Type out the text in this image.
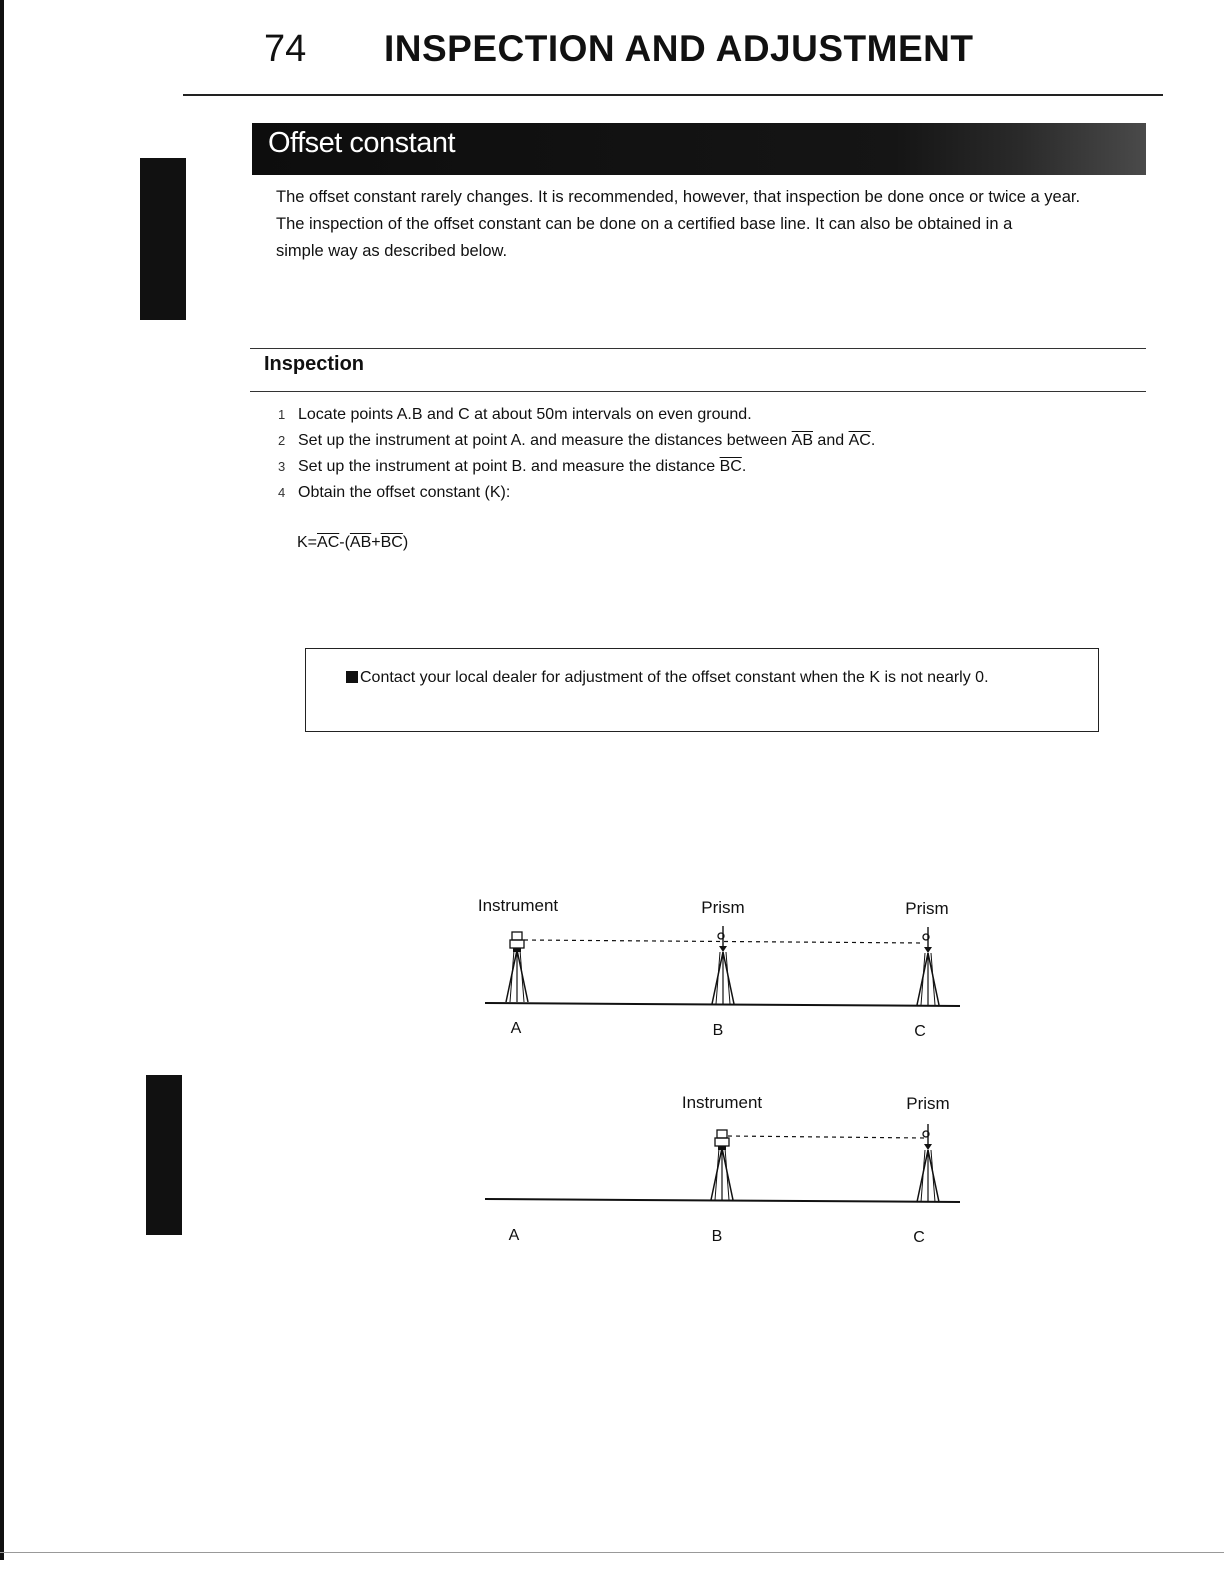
74 INSPECTION AND ADJUSTMENT
Offset constant

The offset constant rarely changes. It is recommended, however, that inspection be done once or twice a year.

The inspection of the offset constant can be done on a certified base line. It can also be obtained in a simple way as described below.

Inspection
1 Locate points A.B and C at about 50m intervals on even ground.
2 Set up the instrument at point A. and measure the distances between $\overline{AB}$ and $\overline{AC}$ .
3 Set up the instrument at point B. and measure the distance $\overline{BC}$ .
4 Obtain the offset constant (K):
$K=\overline{AC}-(\overline{AB}+\overline{BC})$
Contact your local dealer for adjustment of the offset constant when the K is not nearly 0.
Instrument	Prism	Prism
A	B	C
Instrument	Prism
A	B	C
